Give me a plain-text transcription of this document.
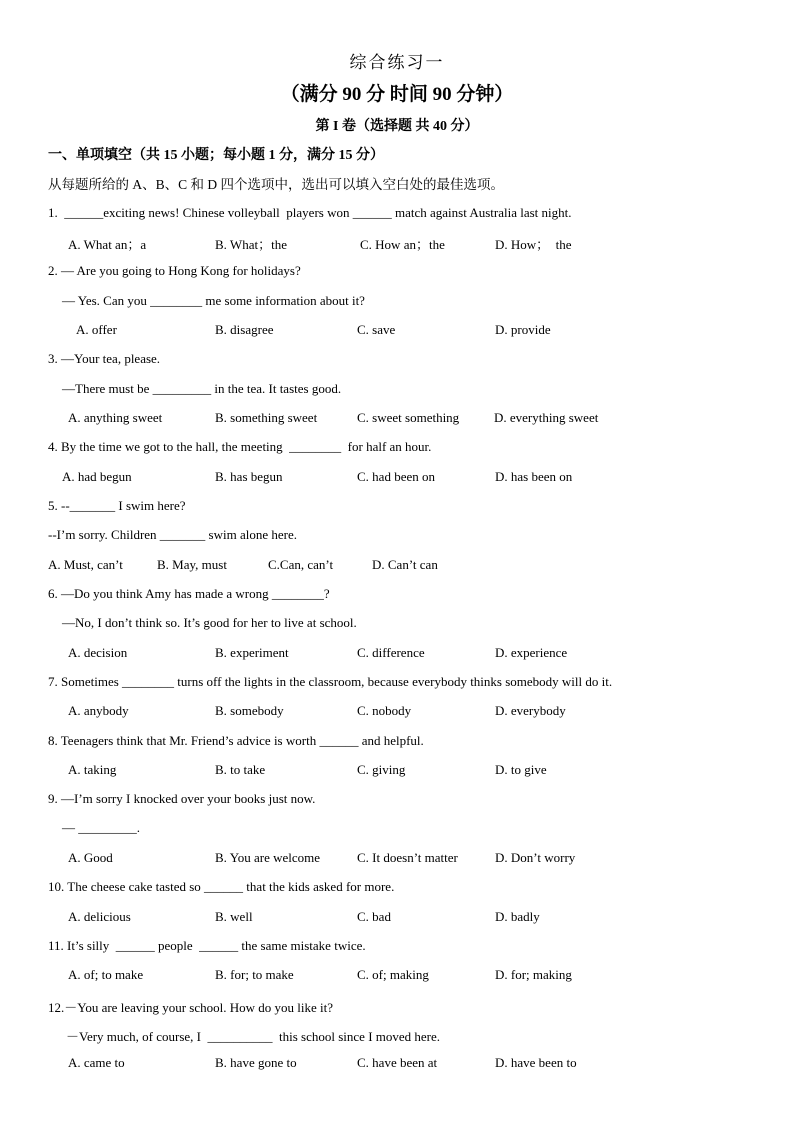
综合练习一
（满分 90 分 时间 90 分钟）
第 I 卷（选择题 共 40 分）
一、单项填空（共 15 小题；每小题 1 分，满分 15 分）
从每题所给的 A、B、C 和 D 四个选项中，选出可以填入空白处的最佳选项。
1.  ______exciting news! Chinese volleyball  players won ______ match against Australia last night.
A. What an；a	B. What；the	C. How an；the	D. How；  the
2. — Are you going to Hong Kong for holidays?
— Yes. Can you ________ me some information about it?
A. offer	B. disagree	C. save	D. provide
3. —Your tea, please.
—There must be _________ in the tea. It tastes good.
A. anything sweet	B. something sweet	C. sweet something	D. everything sweet
4. By the time we got to the hall, the meeting  ________  for half an hour.
A. had begun	B. has begun	C. had been on	D. has been on
5. --_______ I swim here?
--I’m sorry. Children _______ swim alone here.
A. Must, can’t	B. May, must	C.Can, can’t	D. Can’t can
6. —Do you think Amy has made a wrong ________?
—No, I don’t think so. It’s good for her to live at school.
A. decision	B. experiment	C. difference	D. experience
7. Sometimes ________ turns off the lights in the classroom, because everybody thinks somebody will do it.
A. anybody	B. somebody	C. nobody	D. everybody
8. Teenagers think that Mr. Friend’s advice is worth ______ and helpful.
A. taking	B. to take	C. giving	D. to give
9. —I’m sorry I knocked over your books just now.
— _________.
A. Good	B. You are welcome	C. It doesn’t matter	D. Don’t worry
10. The cheese cake tasted so ______ that the kids asked for more.
A. delicious	B. well	C. bad	D. badly
11. It’s silly  ______ people  ______ the same mistake twice.
A. of; to make	B. for; to make	C. of; making	D. for; making
12.－You are leaving your school. How do you like it?
－Very much, of course, I  __________  this school since I moved here.
A. came to	B. have gone to	C. have been at	D. have been to
